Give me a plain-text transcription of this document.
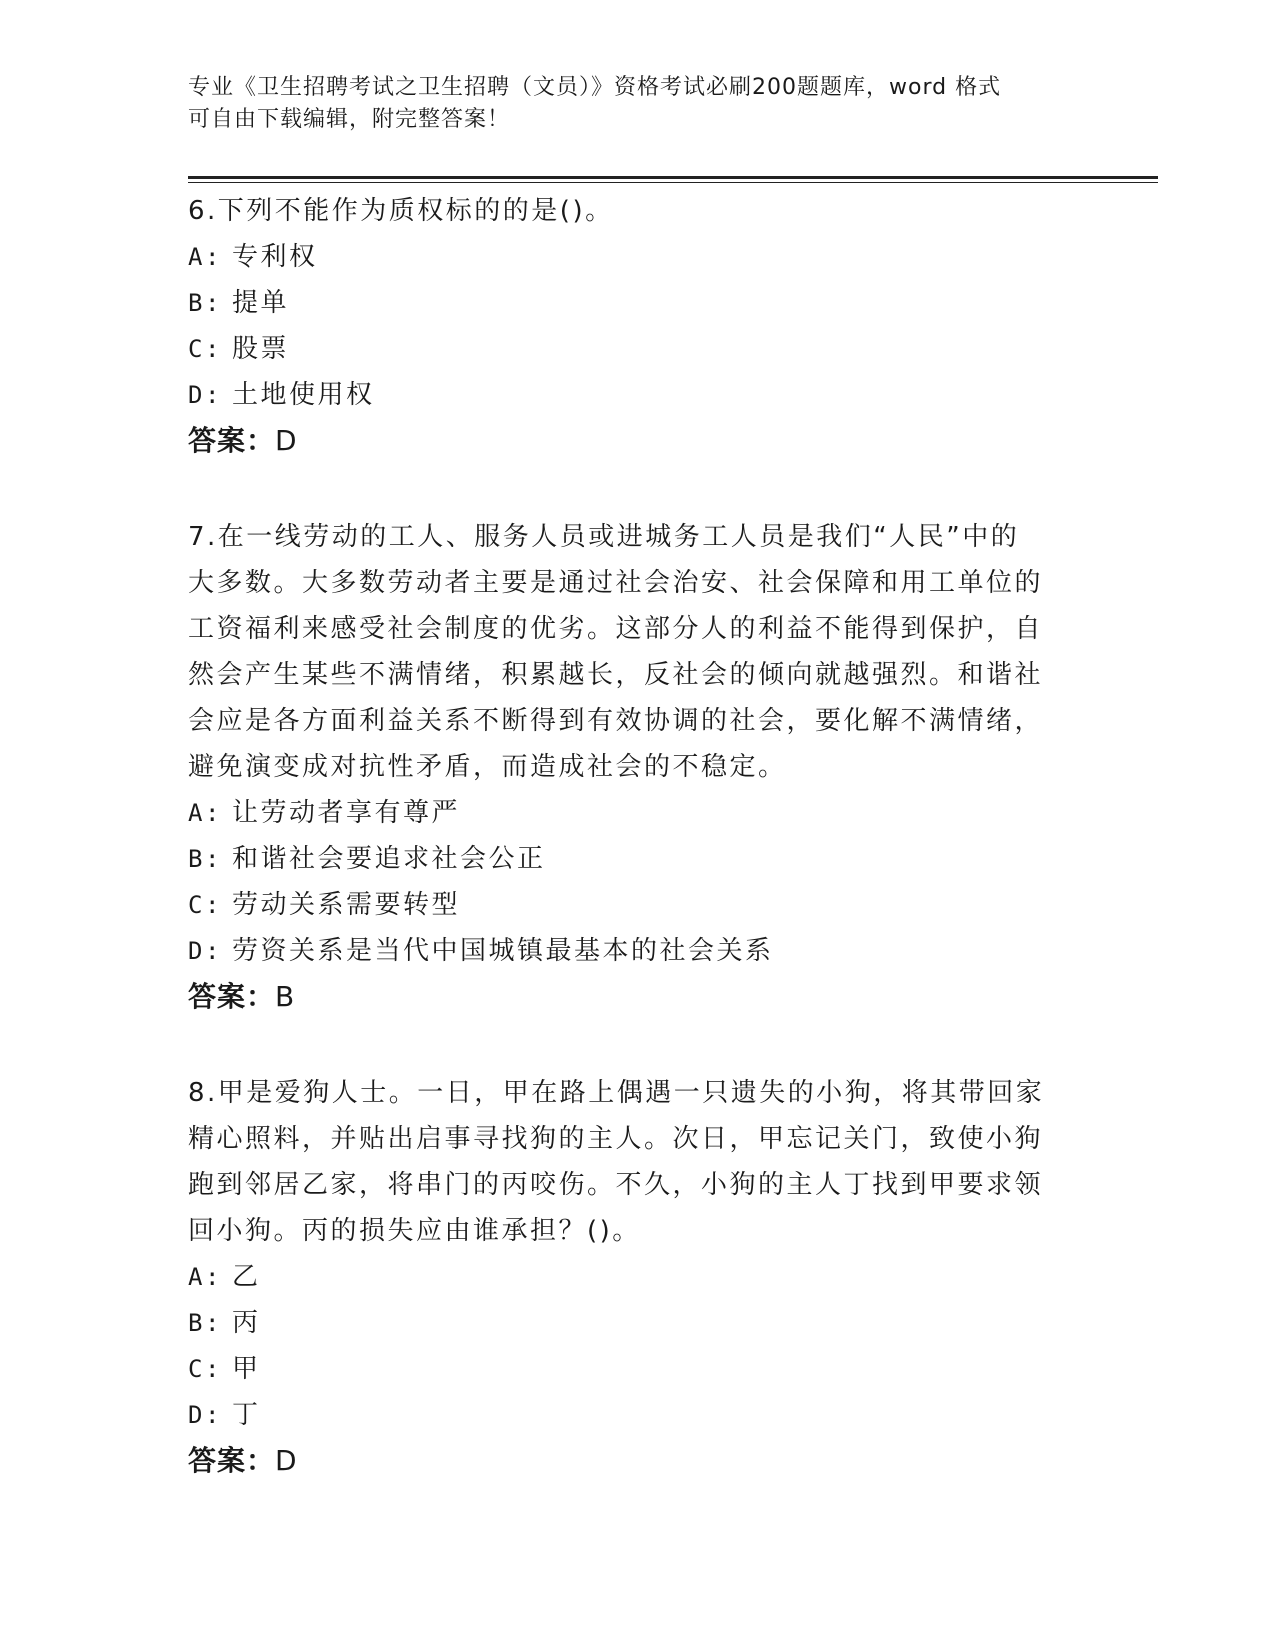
专业《卫生招聘考试之卫生招聘（文员）》资格考试必刷200题题库，word 格式
可自由下载编辑，附完整答案！

6.下列不能作为质权标的的是()。

A: 专利权
B: 提单
C: 股票
D: 土地使用权
答案：D

7.在一线劳动的工人、服务人员或进城务工人员是我们“人民”中的

大多数。大多数劳动者主要是通过社会治安、社会保障和用工单位的

工资福利来感受社会制度的优劣。这部分人的利益不能得到保护，自

然会产生某些不满情绪，积累越长，反社会的倾向就越强烈。和谐社

会应是各方面利益关系不断得到有效协调的社会，要化解不满情绪，

避免演变成对抗性矛盾，而造成社会的不稳定。

A: 让劳动者享有尊严
B: 和谐社会要追求社会公正
C: 劳动关系需要转型
D: 劳资关系是当代中国城镇最基本的社会关系
答案：B

8.甲是爱狗人士。一日，甲在路上偶遇一只遗失的小狗，将其带回家

精心照料，并贴出启事寻找狗的主人。次日，甲忘记关门，致使小狗

跑到邻居乙家，将串门的丙咬伤。不久，小狗的主人丁找到甲要求领

回小狗。丙的损失应由谁承担？()。

A: 乙
B: 丙
C: 甲
D: 丁
答案：D
